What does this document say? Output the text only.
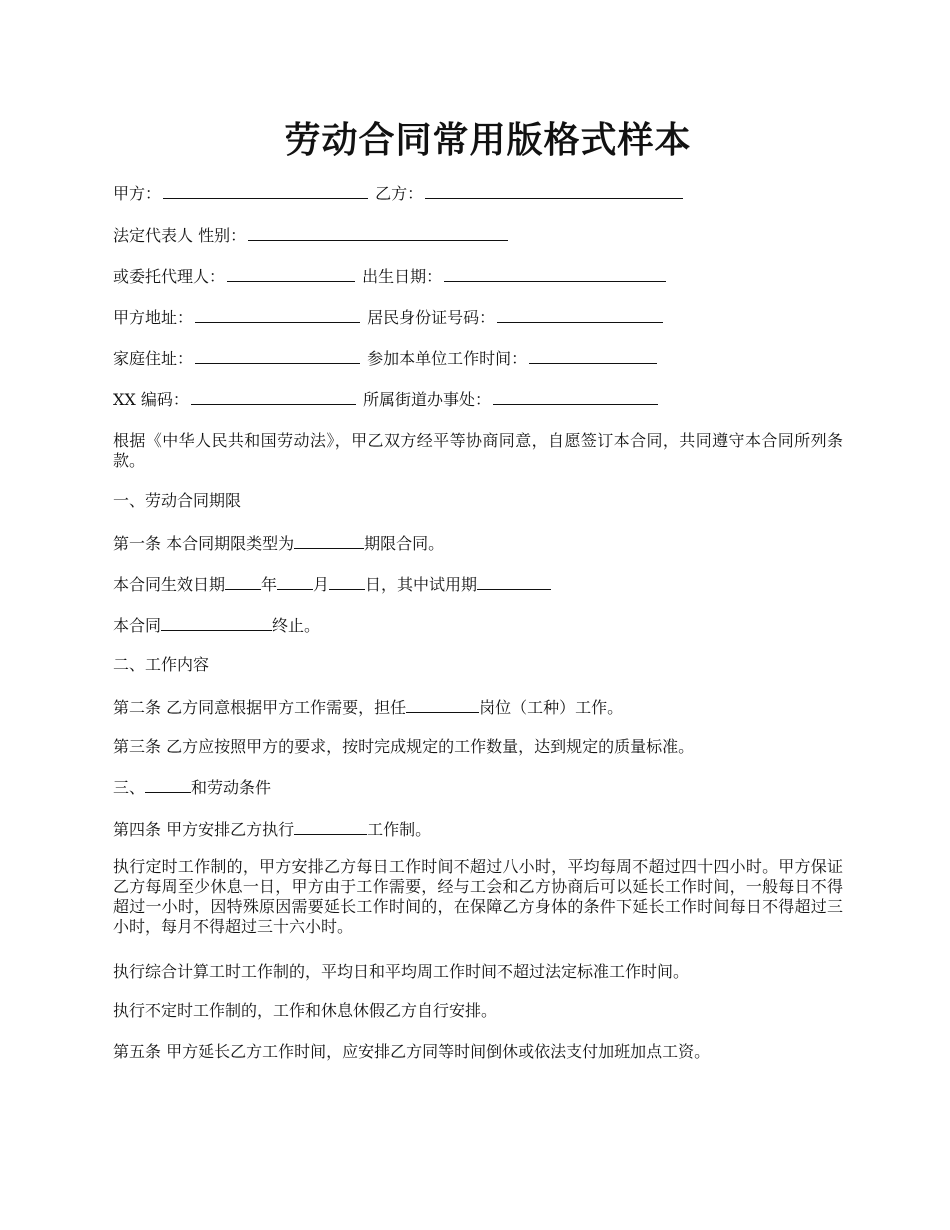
劳动合同常用版格式样本
甲方：	乙方：
法定代表人 性别：
或委托代理人：	出生日期：
甲方地址：	居民身份证号码：
家庭住址：	参加本单位工作时间：
XX 编码：	所属街道办事处：
根据《中华人民共和国劳动法》，甲乙双方经平等协商同意，自愿签订本合同，共同遵守本合同所列条款。
一、劳动合同期限
第一条 本合同期限类型为	期限合同。
本合同生效日期 年 月 日，其中试用期
本合同	终止。
二、工作内容
第二条 乙方同意根据甲方工作需要，担任	岗位（工种）工作。
第三条 乙方应按照甲方的要求，按时完成规定的工作数量，达到规定的质量标准。
三、	和劳动条件
第四条 甲方安排乙方执行	工作制。
执行定时工作制的，甲方安排乙方每日工作时间不超过八小时，平均每周不超过四十四小时。甲方保证乙方每周至少休息一日，甲方由于工作需要，经与工会和乙方协商后可以延长工作时间，一般每日不得超过一小时，因特殊原因需要延长工作时间的，在保障乙方身体的条件下延长工作时间每日不得超过三小时，每月不得超过三十六小时。
执行综合计算工时工作制的，平均日和平均周工作时间不超过法定标准工作时间。
执行不定时工作制的，工作和休息休假乙方自行安排。
第五条 甲方延长乙方工作时间，应安排乙方同等时间倒休或依法支付加班加点工资。
